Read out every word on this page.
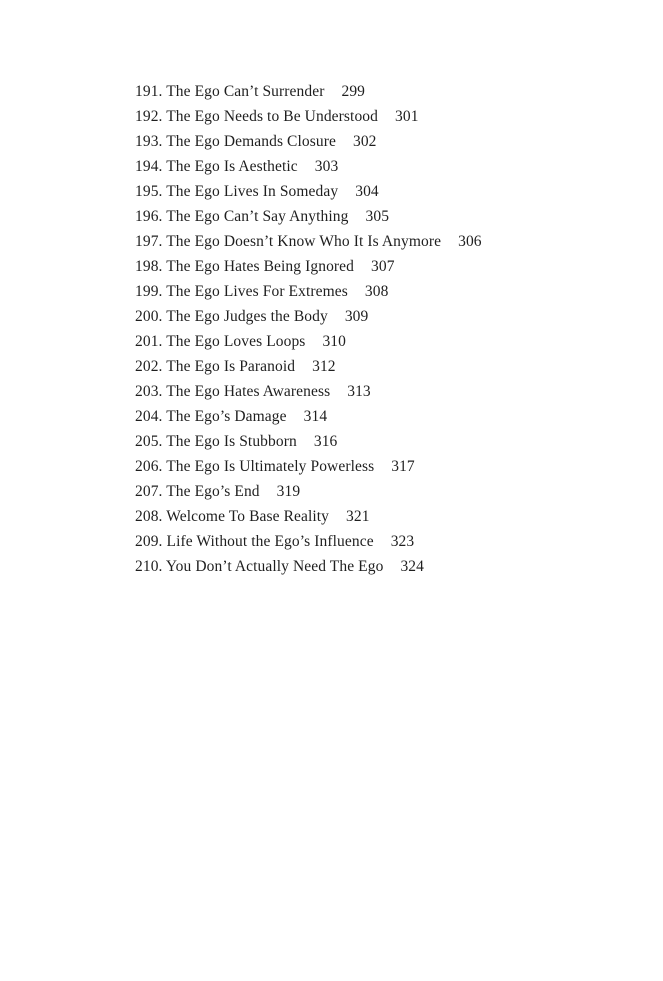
191. The Ego Can’t Surrender 299
192. The Ego Needs to Be Understood 301
193. The Ego Demands Closure 302
194. The Ego Is Aesthetic 303
195. The Ego Lives In Someday 304
196. The Ego Can’t Say Anything 305
197. The Ego Doesn’t Know Who It Is Anymore 306
198. The Ego Hates Being Ignored 307
199. The Ego Lives For Extremes 308
200. The Ego Judges the Body 309
201. The Ego Loves Loops 310
202. The Ego Is Paranoid 312
203. The Ego Hates Awareness 313
204. The Ego’s Damage 314
205. The Ego Is Stubborn 316
206. The Ego Is Ultimately Powerless 317
207. The Ego’s End 319
208. Welcome To Base Reality 321
209. Life Without the Ego’s Influence 323
210. You Don’t Actually Need The Ego 324
